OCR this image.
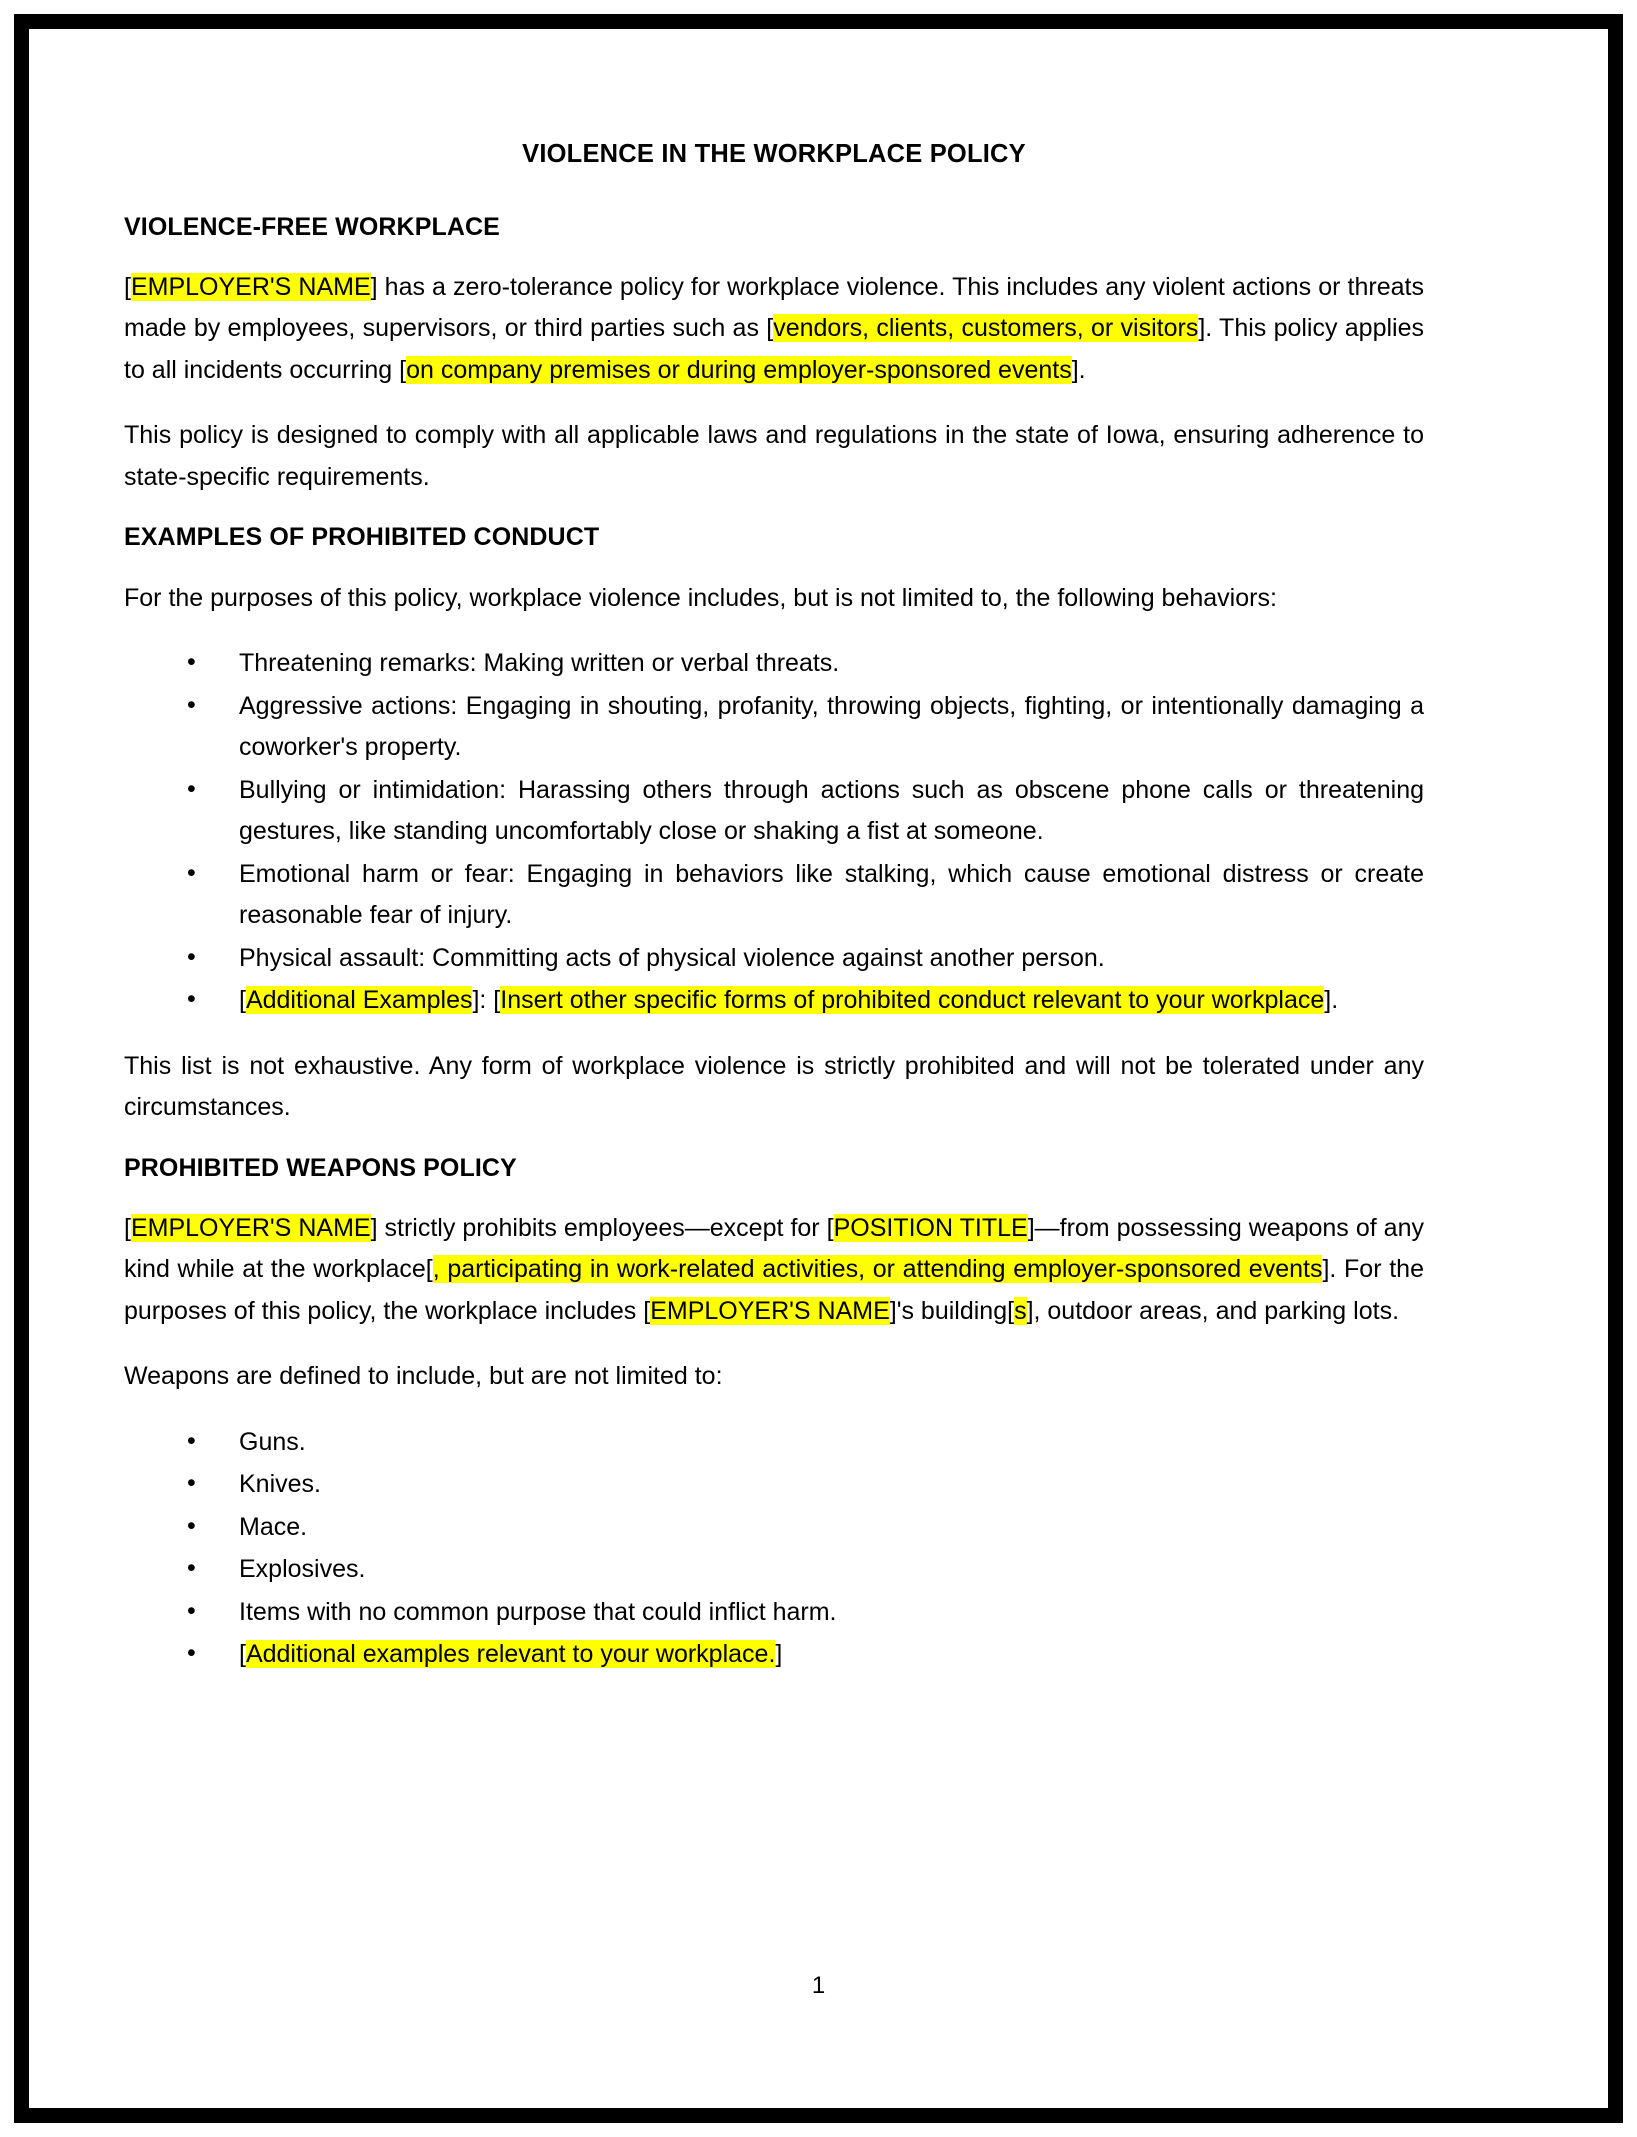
VIOLENCE IN THE WORKPLACE POLICY
VIOLENCE-FREE WORKPLACE

[EMPLOYER'S NAME] has a zero-tolerance policy for workplace violence. This includes any violent actions or threats made by employees, supervisors, or third parties such as [vendors, clients, customers, or visitors]. This policy applies to all incidents occurring [on company premises or during employer-sponsored events].

This policy is designed to comply with all applicable laws and regulations in the state of Iowa, ensuring adherence to state-specific requirements.

EXAMPLES OF PROHIBITED CONDUCT

For the purposes of this policy, workplace violence includes, but is not limited to, the following behaviors:

• Threatening remarks: Making written or verbal threats.
• Aggressive actions: Engaging in shouting, profanity, throwing objects, fighting, or intentionally damaging a coworker's property.
• Bullying or intimidation: Harassing others through actions such as obscene phone calls or threatening gestures, like standing uncomfortably close or shaking a fist at someone.
• Emotional harm or fear: Engaging in behaviors like stalking, which cause emotional distress or create reasonable fear of injury.
• Physical assault: Committing acts of physical violence against another person.
• [Additional Examples]: [Insert other specific forms of prohibited conduct relevant to your workplace].

This list is not exhaustive. Any form of workplace violence is strictly prohibited and will not be tolerated under any circumstances.

PROHIBITED WEAPONS POLICY

[EMPLOYER'S NAME] strictly prohibits employees—except for [POSITION TITLE]—from possessing weapons of any kind while at the workplace[, participating in work-related activities, or attending employer-sponsored events]. For the purposes of this policy, the workplace includes [EMPLOYER'S NAME]'s building[s], outdoor areas, and parking lots.

Weapons are defined to include, but are not limited to:

• Guns.
• Knives.
• Mace.
• Explosives.
• Items with no common purpose that could inflict harm.
• [Additional examples relevant to your workplace.]
1
